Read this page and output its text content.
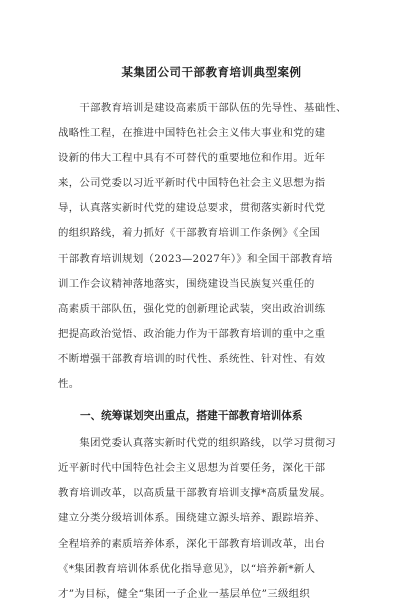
某集团公司干部教育培训典型案例

　　干部教育培训是建设高素质干部队伍的先导性、基础性、
战略性工程，在推进中国特色社会主义伟大事业和党的建
设新的伟大工程中具有不可替代的重要地位和作用。近年
来，公司党委以习近平新时代中国特色社会主义思想为指
导，认真落实新时代党的建设总要求，贯彻落实新时代党
的组织路线，着力抓好《干部教育培训工作条例》《全国
干部教育培训规划（2023—2027年）》和全国干部教育培
训工作会议精神落地落实，围绕建设当民族复兴重任的
高素质干部队伍，强化党的创新理论武装，突出政治训练
把提高政治觉悟、政治能力作为干部教育培训的重中之重
不断增强干部教育培训的时代性、系统性、针对性、有效
性。

一、统筹谋划突出重点，搭建干部教育培训体系

　　集团党委认真落实新时代党的组织路线，以学习贯彻习
近平新时代中国特色社会主义思想为首要任务，深化干部
教育培训改革，以高质量干部教育培训支撑*高质量发展。
建立分类分级培训体系。围绕建立源头培养、跟踪培养、
全程培养的素质培养体系，深化干部教育培训改革，出台
《*集团教育培训体系优化指导意见》，以“培养新*新人
才”为目标，健全“集团一子企业一基层单位”三级组织
